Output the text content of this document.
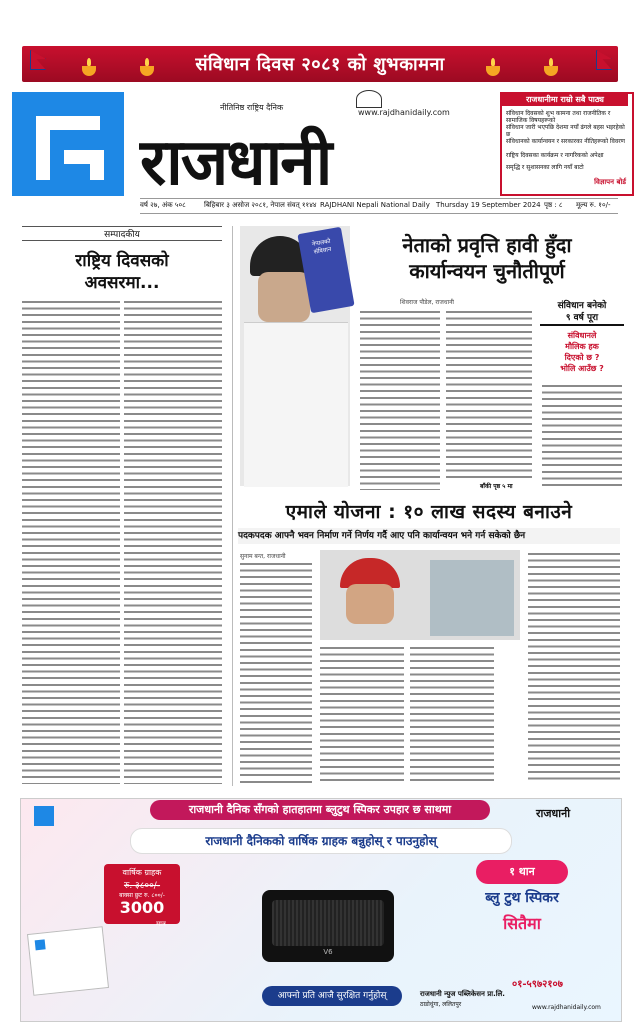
संविधान दिवस २०८१ को शुभकामना
नीतिनिष्ठ राष्ट्रिय दैनिक
www.rajdhanidaily.com
राजधानी
वर्ष २७, अंक ५०८	बिहिबार ३ असोज २०८१, नेपाल संवत् ११४४ RAJDHANI Nepali National Daily Thursday 19 September 2024 पृष्ठ : ८ मूल्य रु. १०/-
राजधानीमा राम्रो सबै पाठ्य
संविधान दिवसको शुभ कामना तथा राजनीतिक र सामाजिक विषयहरूको
संविधान जारी भएपछि देशमा नयाँ ढंगले बहस भइरहेको छ
संविधानको कार्यान्वयन र सरकारका नीतिहरूको विवरण
राष्ट्रिय दिवसका कार्यक्रम र नागरिकको अपेक्षा
समृद्धि र सुशासनका लागि नयाँ बाटो
विज्ञापन बोर्ड
सम्पादकीय
राष्ट्रिय दिवसको
अवसरमा...
नेपालको संविधान	नेताको प्रवृत्ति हावी हुँदा
कार्यान्वयन चुनौतीपूर्ण
शिवराज पौडेल, राजधानी
बाँकी पृष्ठ ५ मा
संविधान बनेको
९ वर्ष पूरा
संविधानले
मौलिक हक
दिएको छ ?
भोलि आउँछ ?
एमाले योजना : १० लाख सदस्य बनाउने
पदकपदक आफ्नै भवन निर्माण गर्ने निर्णय गर्दै आए पनि कार्यान्वयन भने गर्न सकेको छैन
सुनाम बन्त, राजधानी
राजधानी
राजधानी दैनिक सँगको हातहातमा ब्लुटुथ स्पिकर उपहार छ साथमा
राजधानी दैनिकको वार्षिक ग्राहक बन्नुहोस् र पाउनुहोस्
वार्षिक ग्राहक
रु. ३८००/-
बाक्सा छुट रु. ८००/-
3000
मात्र
V6
१ थान
ब्लु टुथ स्पिकर
सितैमा
आफ्नो प्रति आजै सुरक्षित गर्नुहोस्
०१-५९७२१०७
राजधानी न्युज पब्लिकेसन प्रा.लि.
ठाडोधुंगा, ललितपुर	www.rajdhanidaily.com
